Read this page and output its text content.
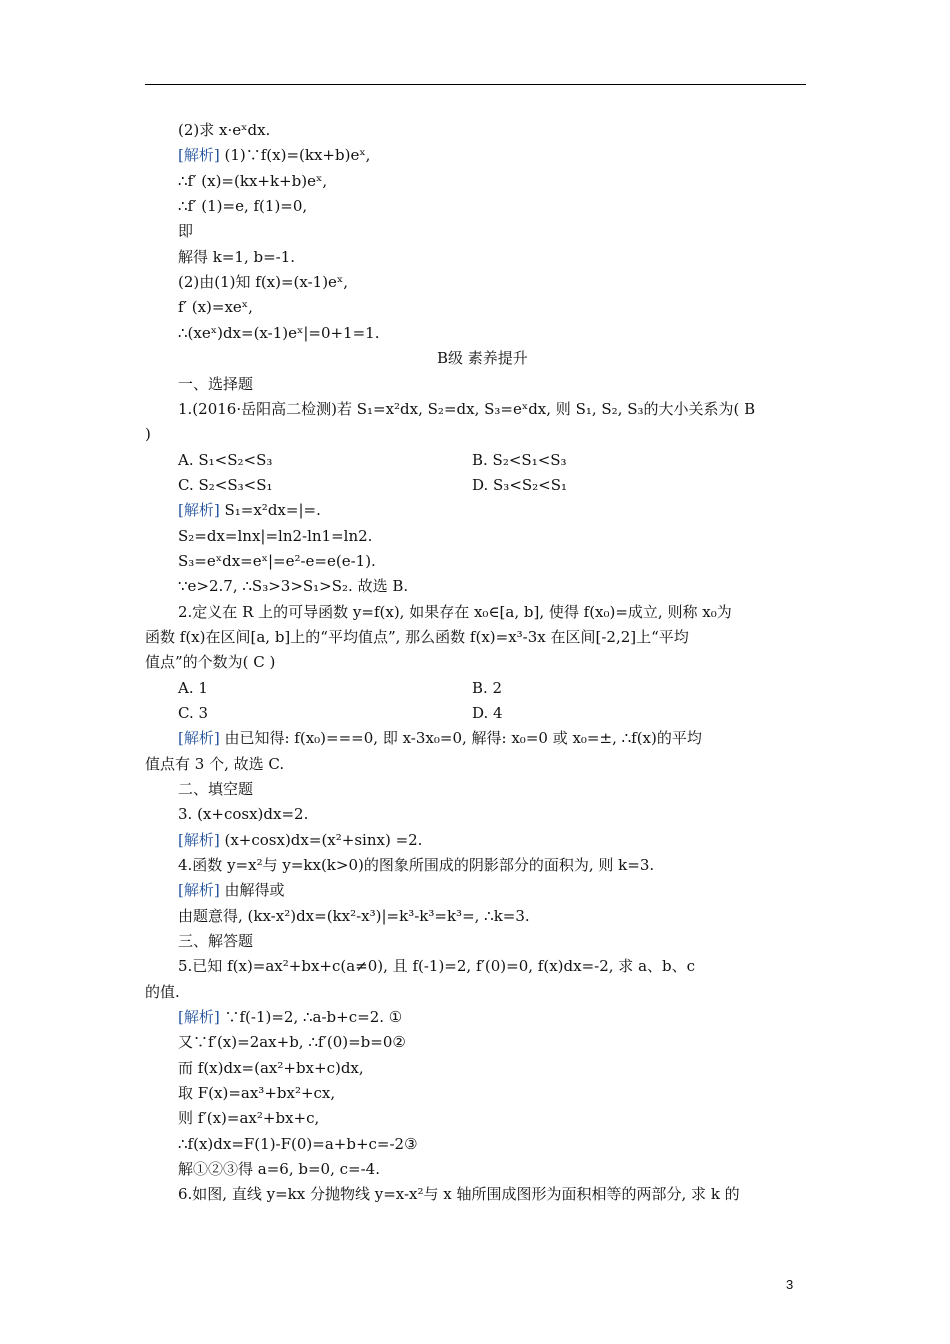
(2)求 x·eˣdx.
[解析] (1)∵f(x)=(kx+b)eˣ,
∴f′ (x)=(kx+k+b)eˣ,
∴f′ (1)=e, f(1)=0,
即
解得 k=1, b=-1.
(2)由(1)知 f(x)=(x-1)eˣ,
f′ (x)=xeˣ,
∴(xeˣ)dx=(x-1)eˣ|=0+1=1.
B级 素养提升
一、选择题
1.(2016·岳阳高二检测)若 S₁=x²dx, S₂=dx, S₃=eˣdx, 则 S₁, S₂, S₃的大小关系为( B
)
A. S₁<S₂<S₃	B. S₂<S₁<S₃
C. S₂<S₃<S₁	D. S₃<S₂<S₁
[解析] S₁=x²dx=|=.
S₂=dx=lnx|=ln2-ln1=ln2.
S₃=eˣdx=eˣ|=e²-e=e(e-1).
∵e>2.7, ∴S₃>3>S₁>S₂. 故选 B.
2.定义在 R 上的可导函数 y=f(x), 如果存在 x₀∈[a, b], 使得 f(x₀)=成立, 则称 x₀为
函数 f(x)在区间[a, b]上的“平均值点”, 那么函数 f(x)=x³-3x 在区间[-2,2]上“平均
值点”的个数为( C )
A. 1	B. 2
C. 3	D. 4
[解析] 由已知得: f(x₀)===0, 即 x-3x₀=0, 解得: x₀=0 或 x₀=±, ∴f(x)的平均
值点有 3 个, 故选 C.
二、填空题
3. (x+cosx)dx=2.
[解析] (x+cosx)dx=(x²+sinx) =2.
4.函数 y=x²与 y=kx(k>0)的图象所围成的阴影部分的面积为, 则 k=3.
[解析] 由解得或
由题意得, (kx-x²)dx=(kx²-x³)|=k³-k³=k³=, ∴k=3.
三、解答题
5.已知 f(x)=ax²+bx+c(a≠0), 且 f(-1)=2, f′(0)=0, f(x)dx=-2, 求 a、b、c
的值.
[解析] ∵f(-1)=2, ∴a-b+c=2. ①
又∵f′(x)=2ax+b, ∴f′(0)=b=0②
而 f(x)dx=(ax²+bx+c)dx,
取 F(x)=ax³+bx²+cx,
则 f′(x)=ax²+bx+c,
∴f(x)dx=F(1)-F(0)=a+b+c=-2③
解①②③得 a=6, b=0, c=-4.
6.如图, 直线 y=kx 分抛物线 y=x-x²与 x 轴所围成图形为面积相等的两部分, 求 k 的
3
